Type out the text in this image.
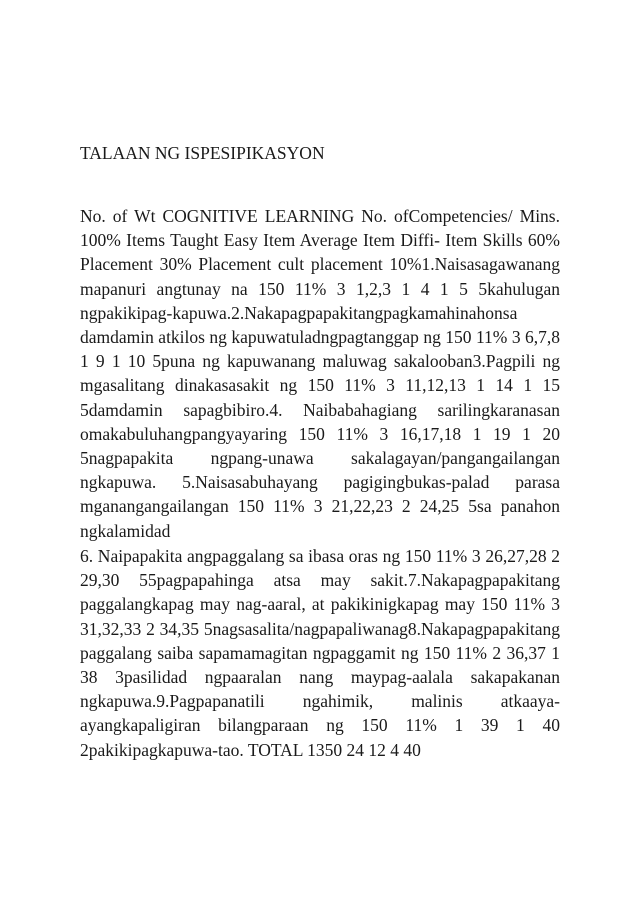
TALAAN NG ISPESIPIKASYON
No. of Wt COGNITIVE LEARNING No. ofCompetencies/ Mins. 100% Items Taught Easy Item Average Item Diffi- Item Skills 60% Placement 30% Placement cult placement 10%1.Naisasagawanang mapanuri angtunay na 150 11% 3 1,2,3 1 4 1 5 5kahulugan ngpakikipag-kapuwa.2.Nakapagpapakitangpagkamahinahonsa damdamin atkilos ng kapuwatuladngpagtanggap ng 150 11% 3 6,7,8 1 9 1 10 5puna ng kapuwanang maluwag sakalooban3.Pagpili ng mgasalitang dinakasasakit ng 150 11% 3 11,12,13 1 14 1 15 5damdamin sapagbibiro.4. Naibabahagiang sarilingkaranasan omakabuluhangpangyayaring 150 11% 3 16,17,18 1 19 1 20 5nagpapakita ngpang-unawa sakalagayan/pangangailangan ngkapuwa. 5.Naisasabuhayang pagigingbukas-palad parasa mganangangailangan 150 11% 3 21,22,23 2 24,25 5sa panahon ngkalamidad
6. Naipapakita angpaggalang sa ibasa oras ng 150 11% 3 26,27,28 2 29,30 55pagpapahinga atsa may sakit.7.Nakapagpapakitang paggalangkapag may nag-aaral, at pakikinigkapag may 150 11% 3 31,32,33 2 34,35 5nagsasalita/nagpapaliwanag8.Nakapagpapakitang paggalang saiba sapamamagitan ngpaggamit ng 150 11% 2 36,37 1 38 3pasilidad ngpaaralan nang maypag-aalala sakapakanan ngkapuwa.9.Pagpapanatili ngahimik, malinis atkaaya-ayangkapaligiran bilangparaan ng 150 11% 1 39 1 40 2pakikipagkapuwa-tao. TOTAL 1350 24 12 4 40
